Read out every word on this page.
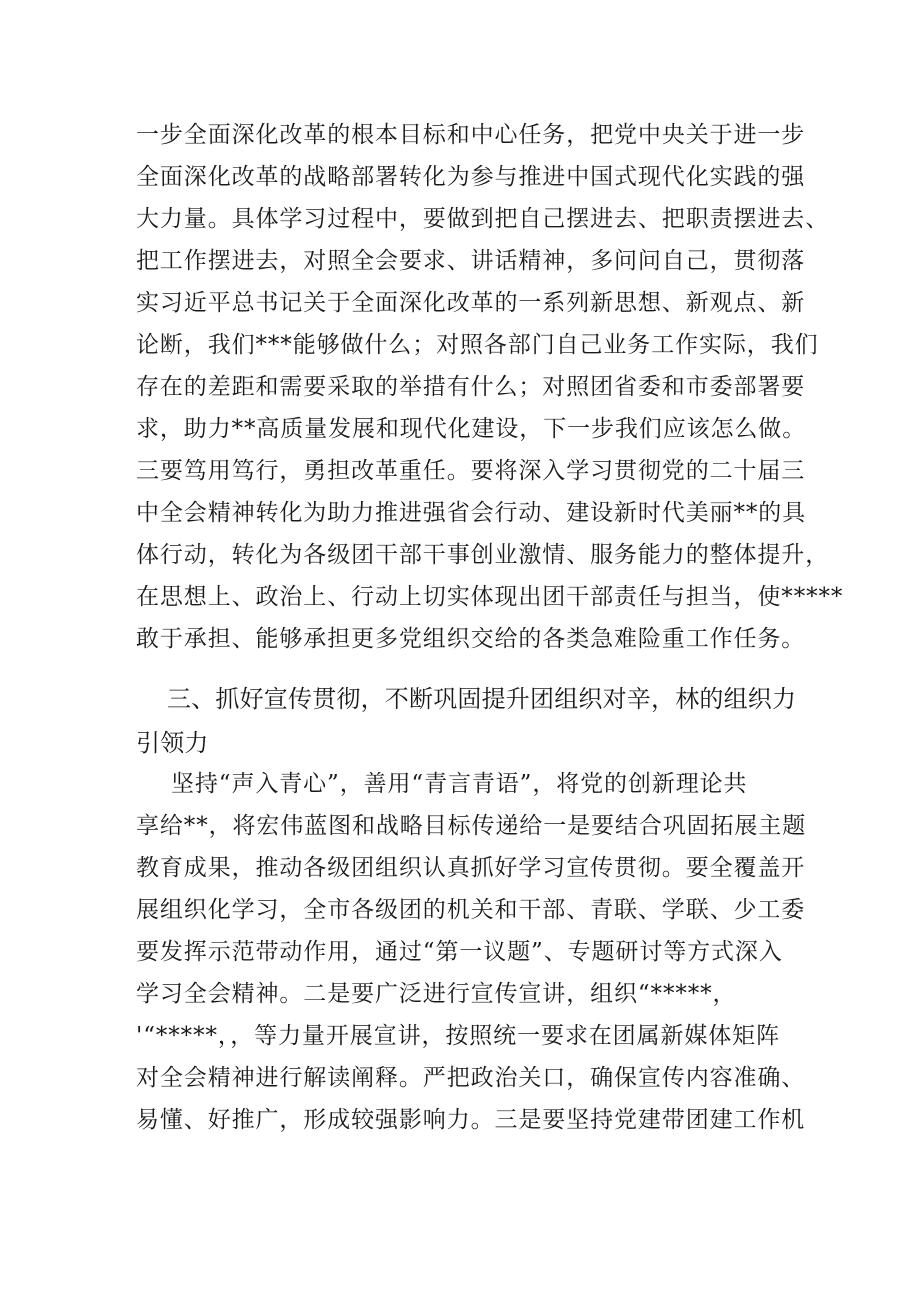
一步全面深化改革的根本目标和中心任务，把党中央关于进一步
全面深化改革的战略部署转化为参与推进中国式现代化实践的强
大力量。具体学习过程中，要做到把自己摆进去、把职责摆进去、
把工作摆进去，对照全会要求、讲话精神，多问问自己，贯彻落
实习近平总书记关于全面深化改革的一系列新思想、新观点、新
论断，我们***能够做什么；对照各部门自己业务工作实际，我们
存在的差距和需要采取的举措有什么；对照团省委和市委部署要
求，助力**高质量发展和现代化建设，下一步我们应该怎么做。
三要笃用笃行，勇担改革重任。要将深入学习贯彻党的二十届三
中全会精神转化为助力推进强省会行动、建设新时代美丽**的具
体行动，转化为各级团干部干事创业激情、服务能力的整体提升，
在思想上、政治上、行动上切实体现出团干部责任与担当，使*****
敢于承担、能够承担更多党组织交给的各类急难险重工作任务。
三、抓好宣传贯彻，不断巩固提升团组织对辛，林的组织力
引领力
坚持“声入青心”，善用“青言青语”，将党的创新理论共
享给**，将宏伟蓝图和战略目标传递给一是要结合巩固拓展主题
教育成果，推动各级团组织认真抓好学习宣传贯彻。要全覆盖开
展组织化学习，全市各级团的机关和干部、青联、学联、少工委
要发挥示范带动作用，通过“第一议题”、专题研讨等方式深入
学习全会精神。二是要广泛进行宣传宣讲，组织“*****，
'“*****，，等力量开展宣讲，按照统一要求在团属新媒体矩阵
对全会精神进行解读阐释。严把政治关口，确保宣传内容准确、
易懂、好推广，形成较强影响力。三是要坚持党建带团建工作机
